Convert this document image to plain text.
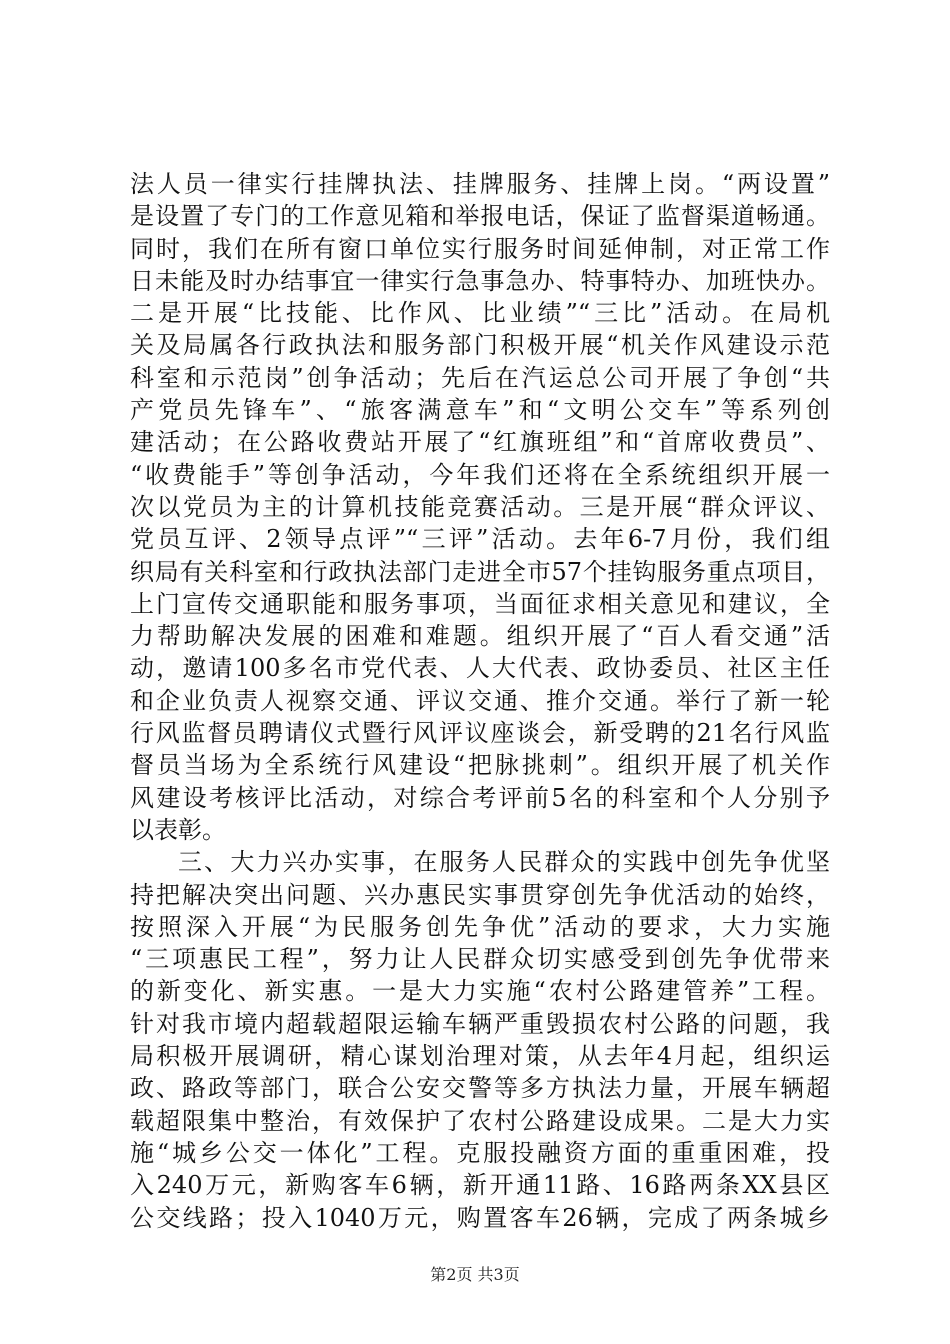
法人员一律实行挂牌执法、挂牌服务、挂牌上岗。“两设置”
是设置了专门的工作意见箱和举报电话，保证了监督渠道畅通。
同时，我们在所有窗口单位实行服务时间延伸制，对正常工作
日未能及时办结事宜一律实行急事急办、特事特办、加班快办。
二是开展“比技能、比作风、比业绩”“三比”活动。在局机
关及局属各行政执法和服务部门积极开展“机关作风建设示范
科室和示范岗”创争活动；先后在汽运总公司开展了争创“共
产党员先锋车”、“旅客满意车”和“文明公交车”等系列创
建活动；在公路收费站开展了“红旗班组”和“首席收费员”、
“收费能手”等创争活动，今年我们还将在全系统组织开展一
次以党员为主的计算机技能竞赛活动。三是开展“群众评议、
党员互评、2领导点评”“三评”活动。去年6-7月份，我们组
织局有关科室和行政执法部门走进全市57个挂钩服务重点项目，
上门宣传交通职能和服务事项，当面征求相关意见和建议，全
力帮助解决发展的困难和难题。组织开展了“百人看交通”活
动，邀请100多名市党代表、人大代表、政协委员、社区主任
和企业负责人视察交通、评议交通、推介交通。举行了新一轮
行风监督员聘请仪式暨行风评议座谈会，新受聘的21名行风监
督员当场为全系统行风建设“把脉挑刺”。组织开展了机关作
风建设考核评比活动，对综合考评前5名的科室和个人分别予
以表彰。
三、大力兴办实事，在服务人民群众的实践中创先争优坚
持把解决突出问题、兴办惠民实事贯穿创先争优活动的始终，
按照深入开展“为民服务创先争优”活动的要求，大力实施
“三项惠民工程”，努力让人民群众切实感受到创先争优带来
的新变化、新实惠。一是大力实施“农村公路建管养”工程。
针对我市境内超载超限运输车辆严重毁损农村公路的问题，我
局积极开展调研，精心谋划治理对策，从去年4月起，组织运
政、路政等部门，联合公安交警等多方执法力量，开展车辆超
载超限集中整治，有效保护了农村公路建设成果。二是大力实
施“城乡公交一体化”工程。克服投融资方面的重重困难，投
入240万元，新购客车6辆，新开通11路、16路两条XX县区
公交线路；投入1040万元，购置客车26辆，完成了两条城乡
第2页 共3页
